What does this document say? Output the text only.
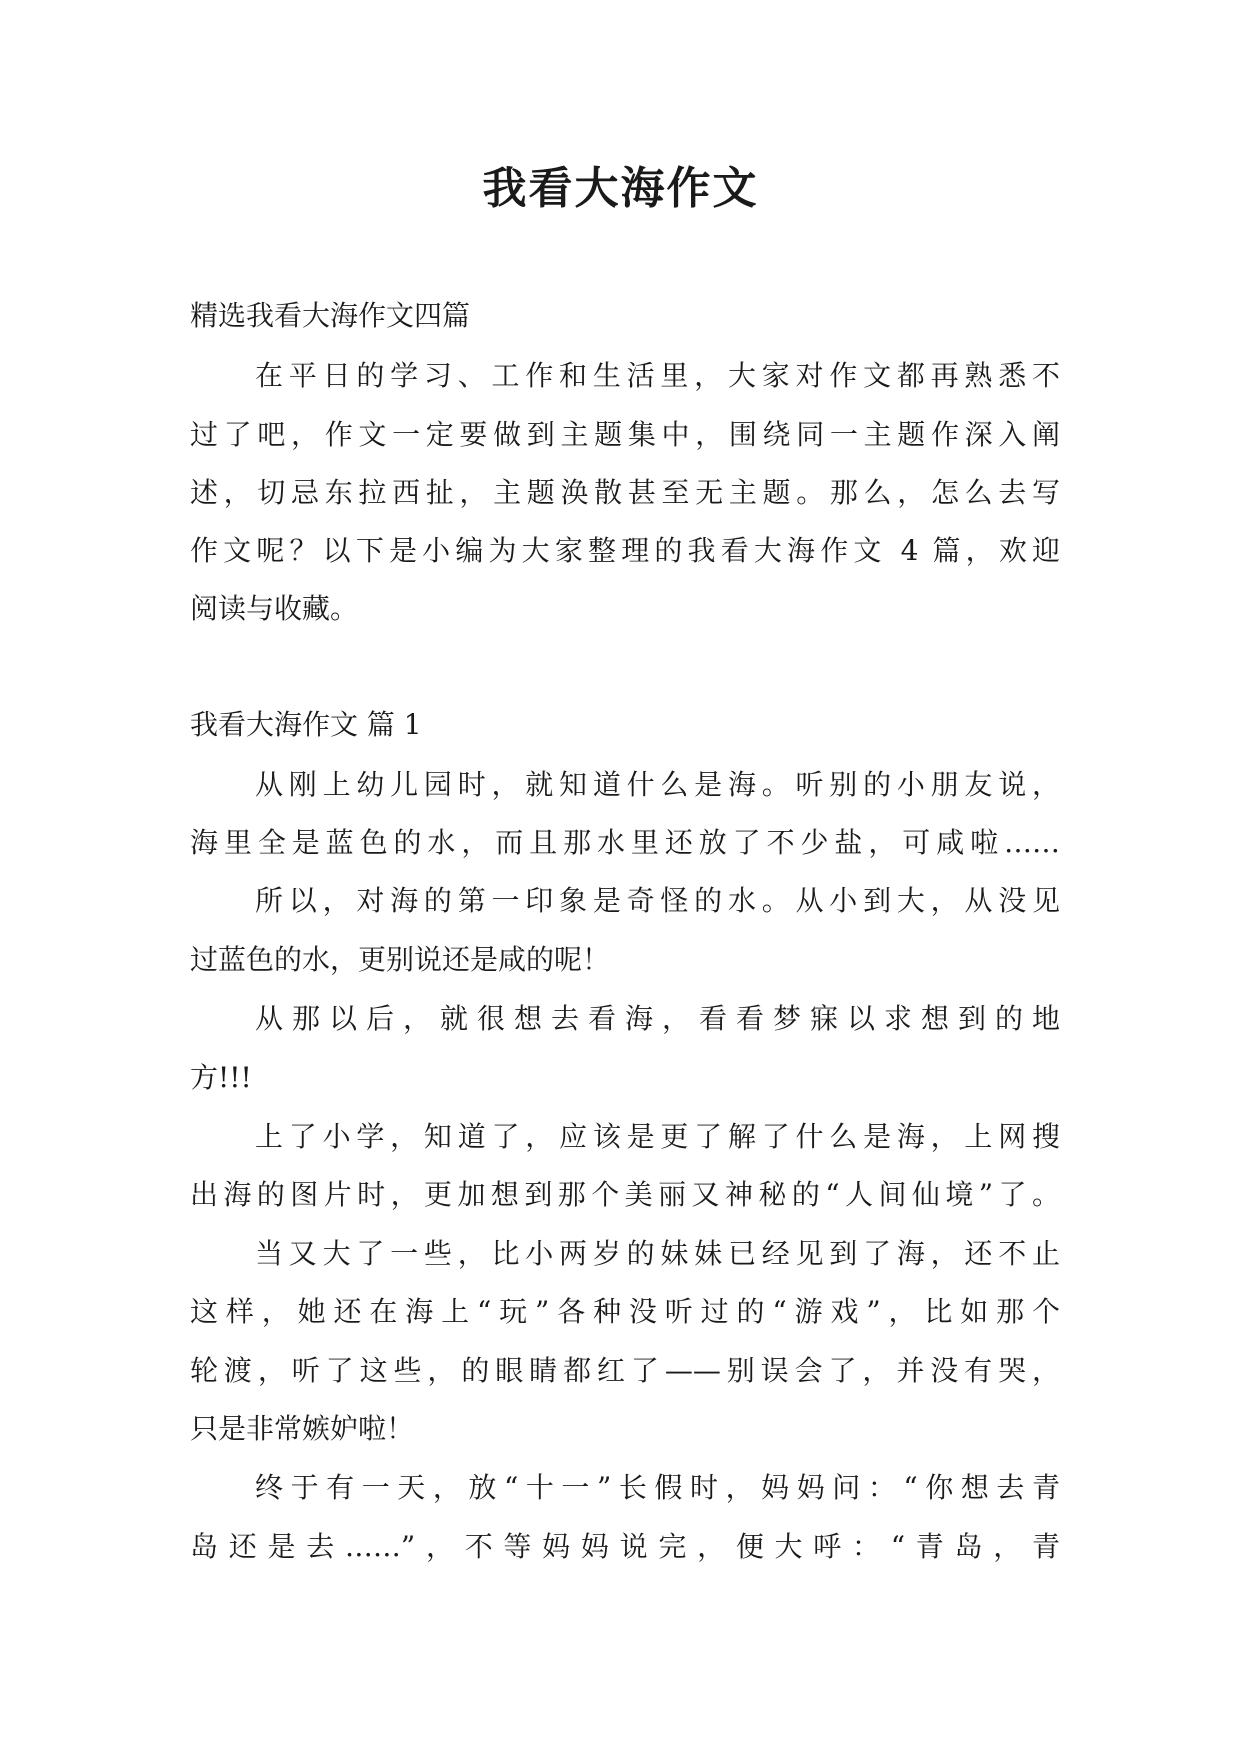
我看大海作文

精选我看大海作文四篇

在平日的学习、工作和生活里，大家对作文都再熟悉不

过了吧，作文一定要做到主题集中，围绕同一主题作深入阐

述，切忌东拉西扯，主题涣散甚至无主题。那么，怎么去写

作文呢？以下是小编为大家整理的我看大海作文 4 篇，欢迎

阅读与收藏。

我看大海作文 篇 1

从刚上幼儿园时，就知道什么是海。听别的小朋友说，

海里全是蓝色的水，而且那水里还放了不少盐，可咸啦……

所以，对海的第一印象是奇怪的水。从小到大，从没见

过蓝色的水，更别说还是咸的呢！

从那以后，就很想去看海，看看梦寐以求想到的地

方!!!

上了小学，知道了，应该是更了解了什么是海，上网搜

出海的图片时，更加想到那个美丽又神秘的“人间仙境”了。

当又大了一些，比小两岁的妹妹已经见到了海，还不止

这样，她还在海上“玩”各种没听过的“游戏”，比如那个

轮渡，听了这些，的眼睛都红了——别误会了，并没有哭，

只是非常嫉妒啦！

终于有一天，放“十一”长假时，妈妈问：“你想去青

岛还是去……”，不等妈妈说完，便大呼：“青岛，青
